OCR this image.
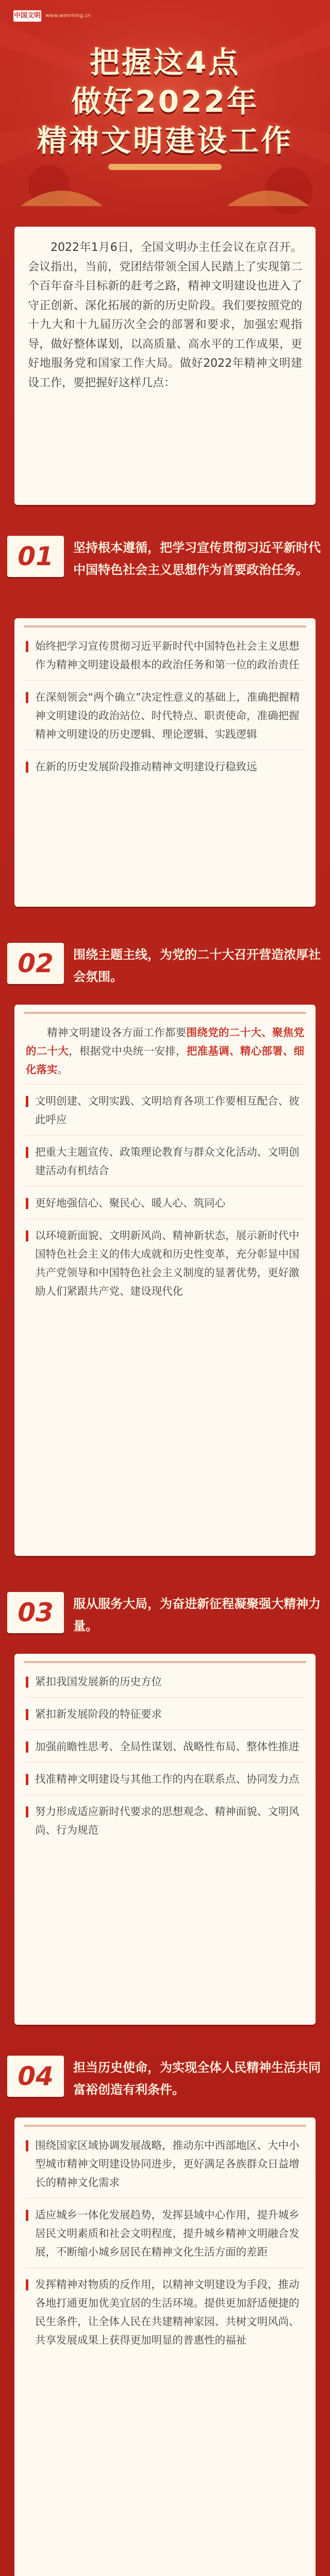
中国文明网
www.wenming.cn
把握这4点
做好2022年
精神文明建设工作

2022年1月6日，全国文明办主任会议在京召开。会议指出，当前，党团结带领全国人民踏上了实现第二个百年奋斗目标新的赶考之路，精神文明建设也进入了守正创新、深化拓展的新的历史阶段。我们要按照党的十九大和十九届历次全会的部署和要求，加强宏观指导，做好整体谋划，以高质量、高水平的工作成果，更好地服务党和国家工作大局。做好2022年精神文明建设工作，要把握好这样几点：

01	坚持根本遵循，把学习宣传贯彻习近平新时代中国特色社会主义思想作为首要政治任务。
始终把学习宣传贯彻习近平新时代中国特色社会主义思想作为精神文明建设最根本的政治任务和第一位的政治责任
在深刻领会“两个确立”决定性意义的基础上，准确把握精神文明建设的政治站位、时代特点、职责使命，准确把握精神文明建设的历史逻辑、理论逻辑、实践逻辑
在新的历史发展阶段推动精神文明建设行稳致远
02	围绕主题主线，为党的二十大召开营造浓厚社会氛围。
精神文明建设各方面工作都要围绕党的二十大、聚焦党的二十大，根据党中央统一安排，把准基调、精心部署、细化落实。
文明创建、文明实践、文明培育各项工作要相互配合、彼此呼应
把重大主题宣传、政策理论教育与群众文化活动、文明创建活动有机结合
更好地强信心、聚民心、暖人心、筑同心
以环境新面貌、文明新风尚、精神新状态，展示新时代中国特色社会主义的伟大成就和历史性变革，充分彰显中国共产党领导和中国特色社会主义制度的显著优势，更好激励人们紧跟共产党、建设现代化
03	服从服务大局，为奋进新征程凝聚强大精神力量。
紧扣我国发展新的历史方位
紧扣新发展阶段的特征要求
加强前瞻性思考、全局性谋划、战略性布局、整体性推进
找准精神文明建设与其他工作的内在联系点、协同发力点
努力形成适应新时代要求的思想观念、精神面貌、文明风尚、行为规范
04	担当历史使命，为实现全体人民精神生活共同富裕创造有利条件。
围绕国家区域协调发展战略，推动东中西部地区、大中小型城市精神文明建设协同进步，更好满足各族群众日益增长的精神文化需求
适应城乡一体化发展趋势，发挥县域中心作用，提升城乡居民文明素质和社会文明程度，提升城乡精神文明融合发展，不断缩小城乡居民在精神文化生活方面的差距
发挥精神对物质的反作用，以精神文明建设为手段，推动各地打通更加优美宜居的生活环境。提供更加舒适便捷的民生条件，让全体人民在共建精神家园、共树文明风尚、共享发展成果上获得更加明显的普惠性的福祉
